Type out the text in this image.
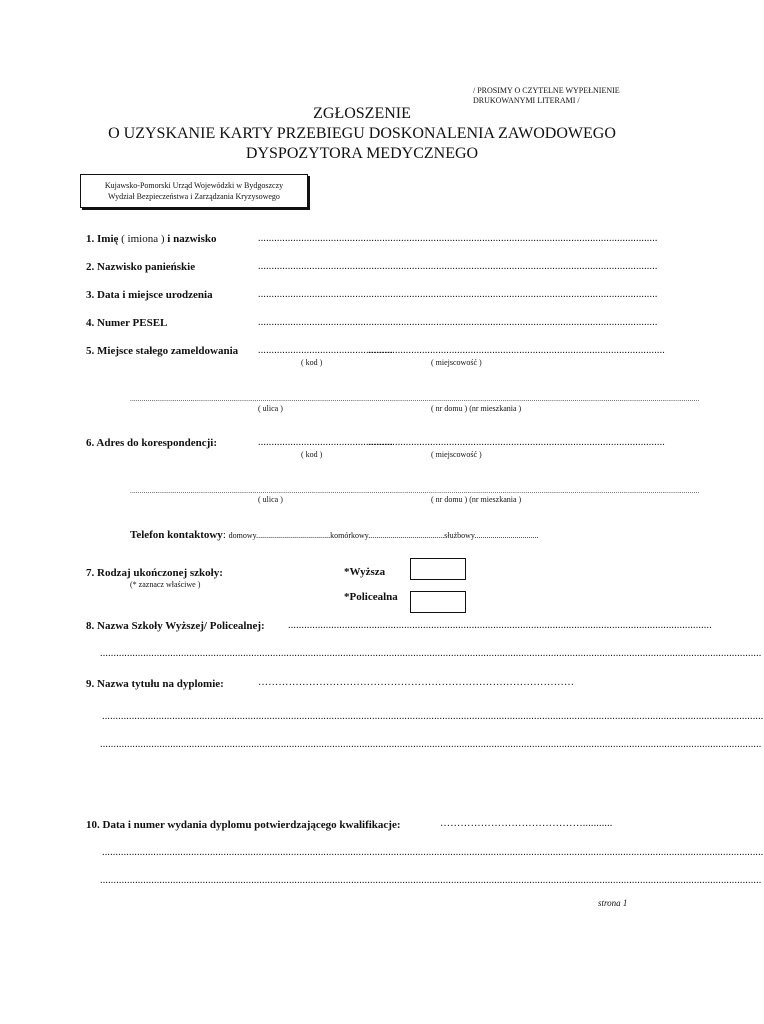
/ PROSIMY O CZYTELNE WYPEŁNIENIE
DRUKOWANYMI LITERAMI /
ZGŁOSZENIE
O UZYSKANIE KARTY PRZEBIEGU DOSKONALENIA ZAWODOWEGO
DYSPOZYTORA MEDYCZNEGO
Kujawsko-Pomorski Urząd Wojewódzki w Bydgoszczy
Wydział Bezpieczeństwa i Zarządzania Kryzysowego
1. Imię ( imiona ) i nazwisko	....................................................................................................................................................
2. Nazwisko panieńskie	....................................................................................................................................................
3. Data i miejsce urodzenia	....................................................................................................................................................
4. Numer PESEL	....................................................................................................................................................
5. Miejsce stałego zameldowania ..................................................
..............................................................................................................
( kod )	( miejscowość )
....................................................................................................................................................................................................................................................................................................
( ulica )	( nr domu ) (nr mieszkania )
6. Adres do korespondencji:	..................................................
..............................................................................................................
( kod )	( miejscowość )
....................................................................................................................................................................................................................................................................................................
( ulica )	( nr domu ) (nr mieszkania )
Telefon kontaktowy: domowy.....................................komórkowy......................................służbowy................................
7. Rodzaj ukończonej szkoły:
(* zaznacz właściwe )
*Wyższa
*Policealna
8. Nazwa Szkoły Wyższej/ Policealnej: .............................................................................................................................................................
.....................................................................................................................................................................................................................................................
9. Nazwa tytułu na dyplomie:	…………………………………………………………………………………
.....................................................................................................................................................................................................................................................
.....................................................................................................................................................................................................................................................
10. Data i numer wydania dyplomu potwierdzającego kwalifikacje:	……………………………………...........
.....................................................................................................................................................................................................................................................
.....................................................................................................................................................................................................................................................
strona 1
